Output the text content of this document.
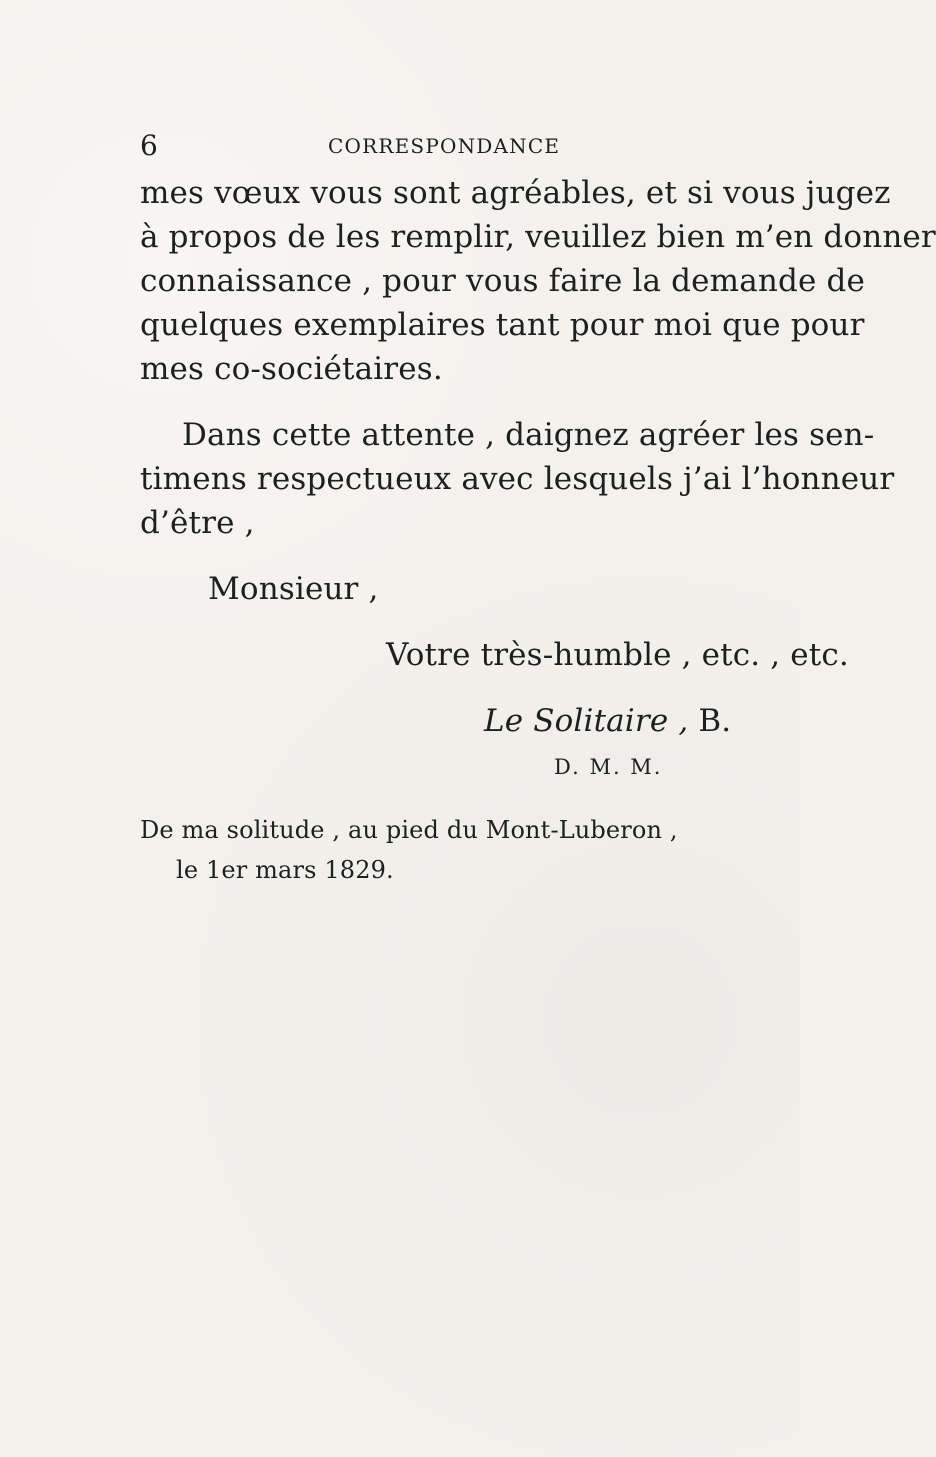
6	CORRESPONDANCE
mes vœux vous sont agréables, et si vous jugez
à propos de les remplir, veuillez bien m’en donner
connaissance , pour vous faire la demande de
quelques exemplaires tant pour moi que pour
mes co-sociétaires.
Dans cette attente , daignez agréer les sen-
timens respectueux avec lesquels j’ai l’honneur
d’être ,
Monsieur ,
Votre très-humble , etc. , etc.
Le Solitaire , B.
D. M. M.
De ma solitude , au pied du Mont-Luberon ,
le 1er mars 1829.
